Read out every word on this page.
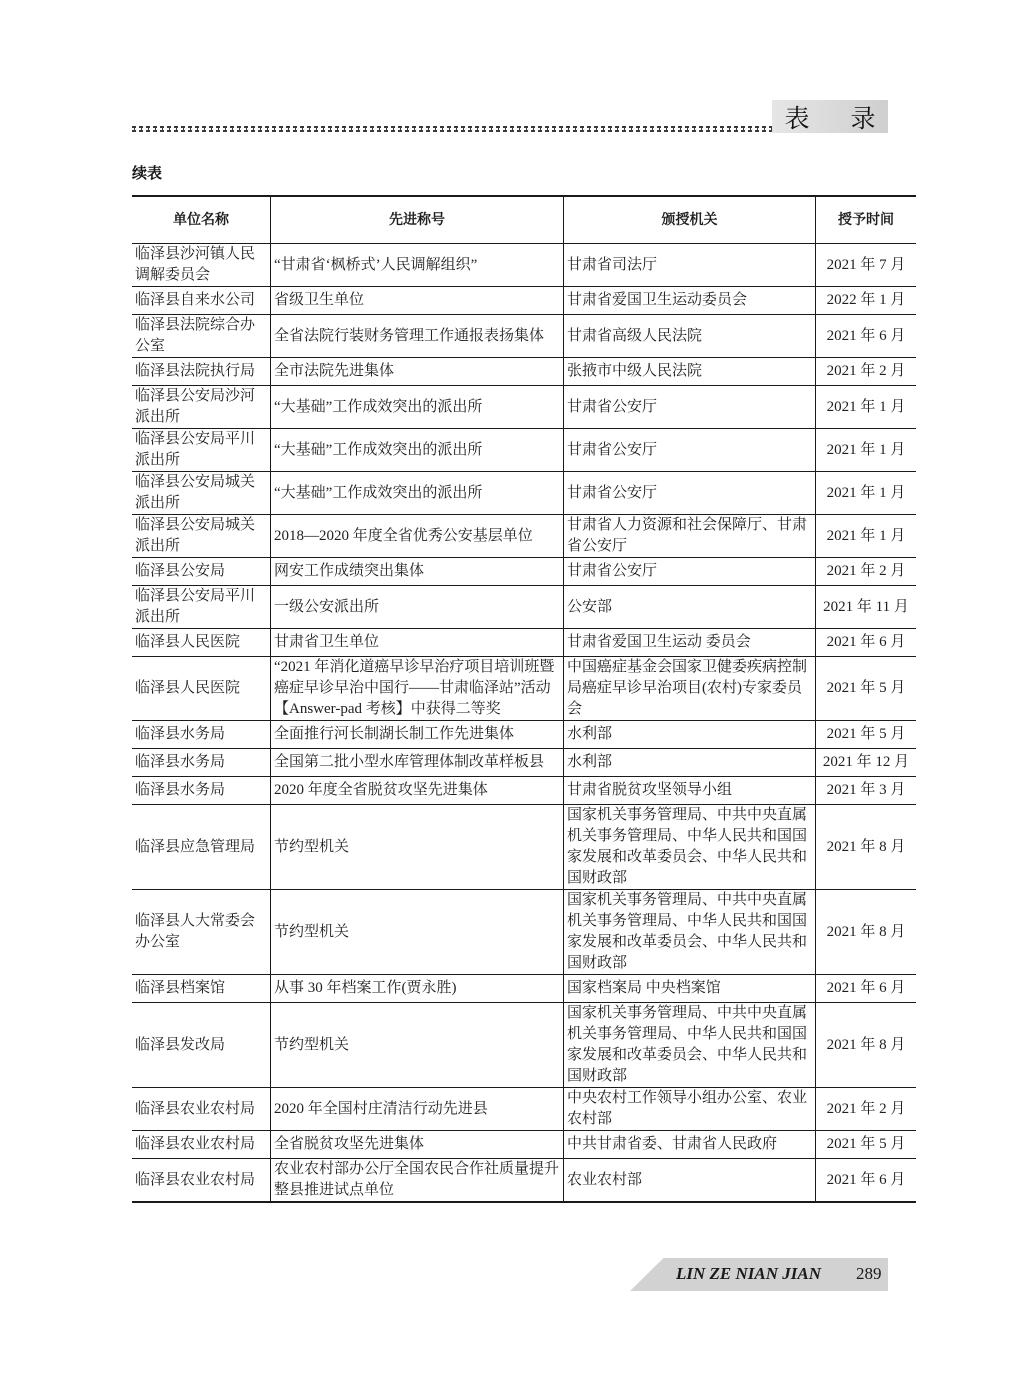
表　录
续表
单位名称	先进称号	颁授机关	授予时间
临泽县沙河镇人民调解委员会	“甘肃省‘枫桥式’人民调解组织”	甘肃省司法厅	2021 年 7 月
临泽县自来水公司	省级卫生单位	甘肃省爱国卫生运动委员会	2022 年 1 月
临泽县法院综合办公室	全省法院行装财务管理工作通报表扬集体	甘肃省高级人民法院	2021 年 6 月
临泽县法院执行局	全市法院先进集体	张掖市中级人民法院	2021 年 2 月
临泽县公安局沙河派出所	“大基础”工作成效突出的派出所	甘肃省公安厅	2021 年 1 月
临泽县公安局平川派出所	“大基础”工作成效突出的派出所	甘肃省公安厅	2021 年 1 月
临泽县公安局城关派出所	“大基础”工作成效突出的派出所	甘肃省公安厅	2021 年 1 月
临泽县公安局城关派出所	2018—2020 年度全省优秀公安基层单位	甘肃省人力资源和社会保障厅、甘肃省公安厅	2021 年 1 月
临泽县公安局	网安工作成绩突出集体	甘肃省公安厅	2021 年 2 月
临泽县公安局平川派出所	一级公安派出所	公安部	2021 年 11 月
临泽县人民医院	甘肃省卫生单位	甘肃省爱国卫生运动 委员会	2021 年 6 月
临泽县人民医院	“2021 年消化道癌早诊早治疗项目培训班暨癌症早诊早治中国行——甘肃临泽站”活动【Answer-pad 考核】中获得二等奖	中国癌症基金会国家卫健委疾病控制局癌症早诊早治项目(农村)专家委员会	2021 年 5 月
临泽县水务局	全面推行河长制湖长制工作先进集体	水利部	2021 年 5 月
临泽县水务局	全国第二批小型水库管理体制改革样板县	水利部	2021 年 12 月
临泽县水务局	2020 年度全省脱贫攻坚先进集体	甘肃省脱贫攻坚领导小组	2021 年 3 月
临泽县应急管理局	节约型机关	国家机关事务管理局、中共中央直属机关事务管理局、中华人民共和国国家发展和改革委员会、中华人民共和国财政部	2021 年 8 月
临泽县人大常委会办公室	节约型机关	国家机关事务管理局、中共中央直属机关事务管理局、中华人民共和国国家发展和改革委员会、中华人民共和国财政部	2021 年 8 月
临泽县档案馆	从事 30 年档案工作(贾永胜)	国家档案局 中央档案馆	2021 年 6 月
临泽县发改局	节约型机关	国家机关事务管理局、中共中央直属机关事务管理局、中华人民共和国国家发展和改革委员会、中华人民共和国财政部	2021 年 8 月
临泽县农业农村局	2020 年全国村庄清洁行动先进县	中央农村工作领导小组办公室、农业农村部	2021 年 2 月
临泽县农业农村局	全省脱贫攻坚先进集体	中共甘肃省委、甘肃省人民政府	2021 年 5 月
临泽县农业农村局	农业农村部办公厅全国农民合作社质量提升整县推进试点单位	农业农村部	2021 年 6 月
LIN ZE NIAN JIAN 289
